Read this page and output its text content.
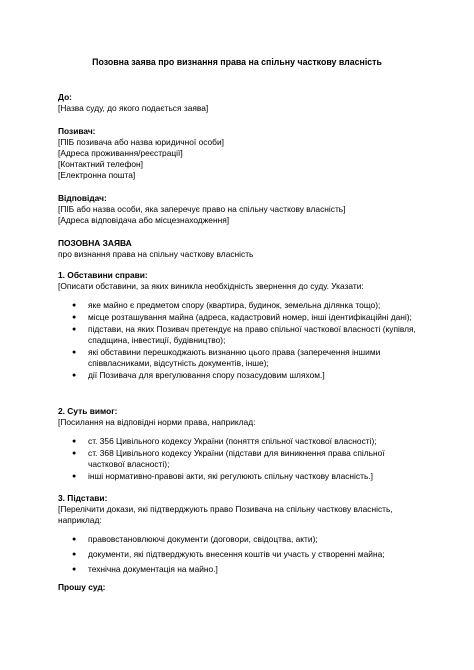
Позовна заява про визнання права на спільну часткову власність
До:
[Назва суду, до якого подається заява]
Позивач:
[ПІБ позивача або назва юридичної особи]
[Адреса проживання/реєстрації]
[Контактний телефон]
[Електронна пошта]
Відповідач:
[ПІБ або назва особи, яка заперечує право на спільну часткову власність]
[Адреса відповідача або місцезнаходження]
ПОЗОВНА ЗАЯВА
про визнання права на спільну часткову власність
1. Обставини справи:
[Описати обставини, за яких виникла необхідність звернення до суду. Указати:
● яке майно є предметом спору (квартира, будинок, земельна ділянка тощо);
● місце розташування майна (адреса, кадастровий номер, інші ідентифікаційні дані);
● підстави, на яких Позивач претендує на право спільної часткової власності (купівля, спадщина, інвестиції, будівництво);
● які обставини перешкоджають визнанню цього права (заперечення іншими співвласниками, відсутність документів, інше);
● дії Позивача для врегулювання спору позасудовим шляхом.]
2. Суть вимог:
[Посилання на відповідні норми права, наприклад:
● ст. 356 Цивільного кодексу України (поняття спільної часткової власності);
● ст. 368 Цивільного кодексу України (підстави для виникнення права спільної часткової власності);
● інші нормативно-правові акти, які регулюють спільну часткову власність.]
3. Підстави:
[Перелічити докази, які підтверджують право Позивача на спільну часткову власність, наприклад:
● правовстановлюючі документи (договори, свідоцтва, акти);
● документи, які підтверджують внесення коштів чи участь у створенні майна;
● технічна документація на майно.]
Прошу суд:
